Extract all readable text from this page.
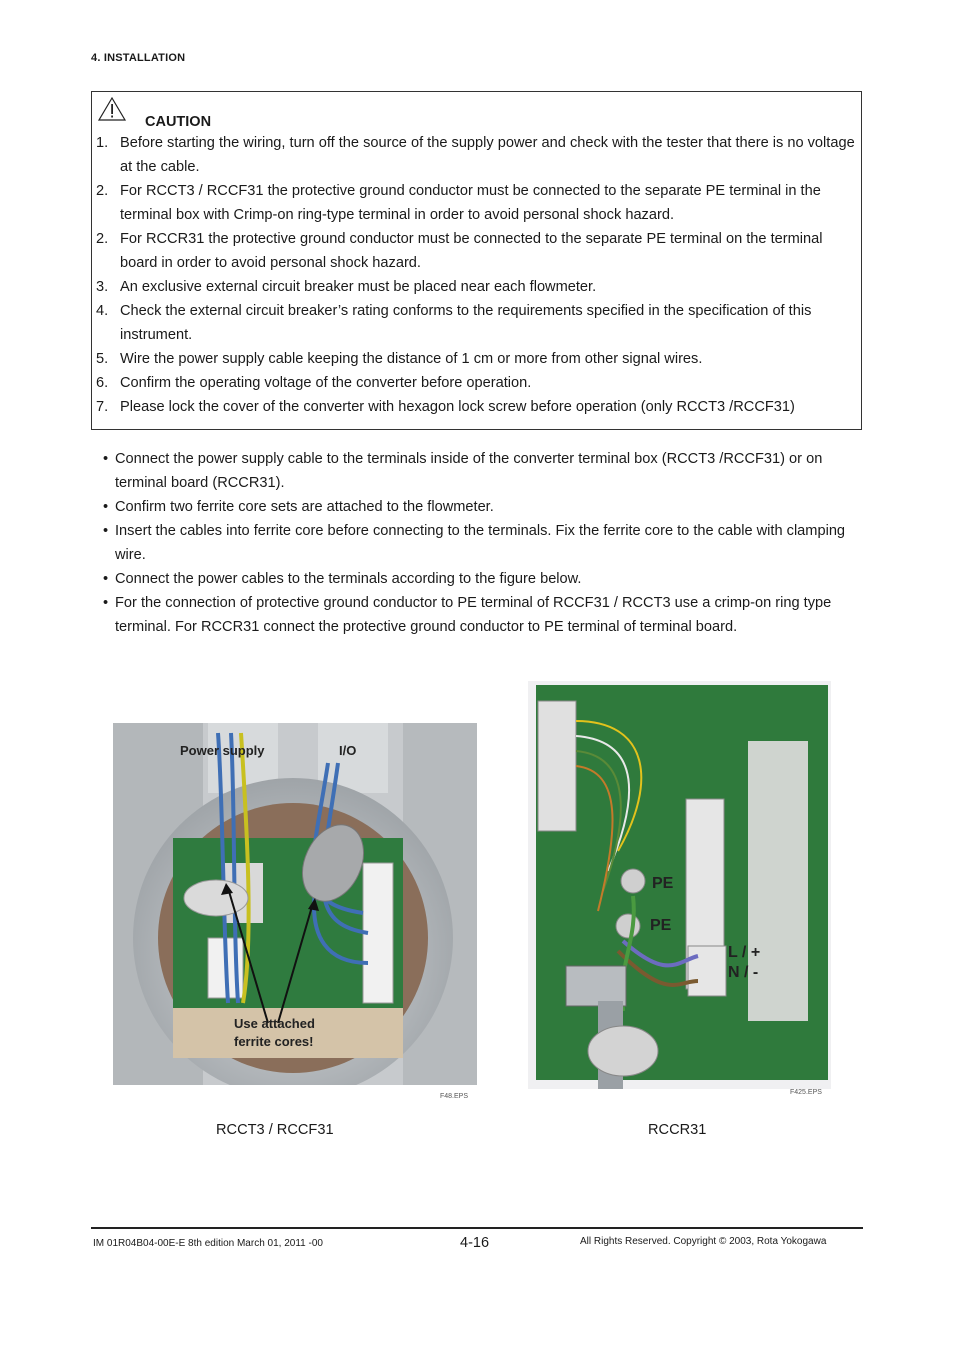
4. INSTALLATION
CAUTION
1. Before starting the wiring, turn off the source of the supply power and check with the tester that there is no voltage at the cable.
2. For RCCT3 / RCCF31 the protective ground conductor must be connected to the separate PE terminal in the terminal box with Crimp-on ring-type terminal in order to avoid personal shock hazard.
2. For RCCR31 the protective ground conductor must be connected to the separate PE terminal on the terminal board in order to avoid personal shock hazard.
3. An exclusive external circuit breaker must be placed near each flowmeter.
4. Check the external circuit breaker’s rating conforms to the requirements specified in the specification of this instrument.
5. Wire the power supply cable keeping the distance of 1 cm or more from other signal wires.
6. Confirm the operating voltage of the converter before operation.
7. Please lock the cover of the converter with hexagon lock screw before operation (only RCCT3 /RCCF31)
• Connect the power supply cable to the terminals inside of the converter terminal box (RCCT3 /RCCF31) or on terminal board (RCCR31).
• Confirm two ferrite core sets are attached to the flowmeter.
• Insert the cables into ferrite core before connecting to the terminals. Fix the ferrite core to the cable with clamping wire.
• Connect the power cables to the terminals according to the figure below.
• For the connection of protective ground conductor to PE terminal of RCCF31 / RCCT3 use a crimp-on ring type terminal. For RCCR31 connect the protective ground conductor to PE terminal of terminal board.
Power supply	I/O
Use attached
ferrite cores!
F48.EPS
PE
PE
L / +
N / -
F425.EPS
RCCT3 / RCCF31	RCCR31
IM 01R04B04-00E-E 8th edition March 01, 2011 -00	4-16	All Rights Reserved. Copyright © 2003, Rota Yokogawa
